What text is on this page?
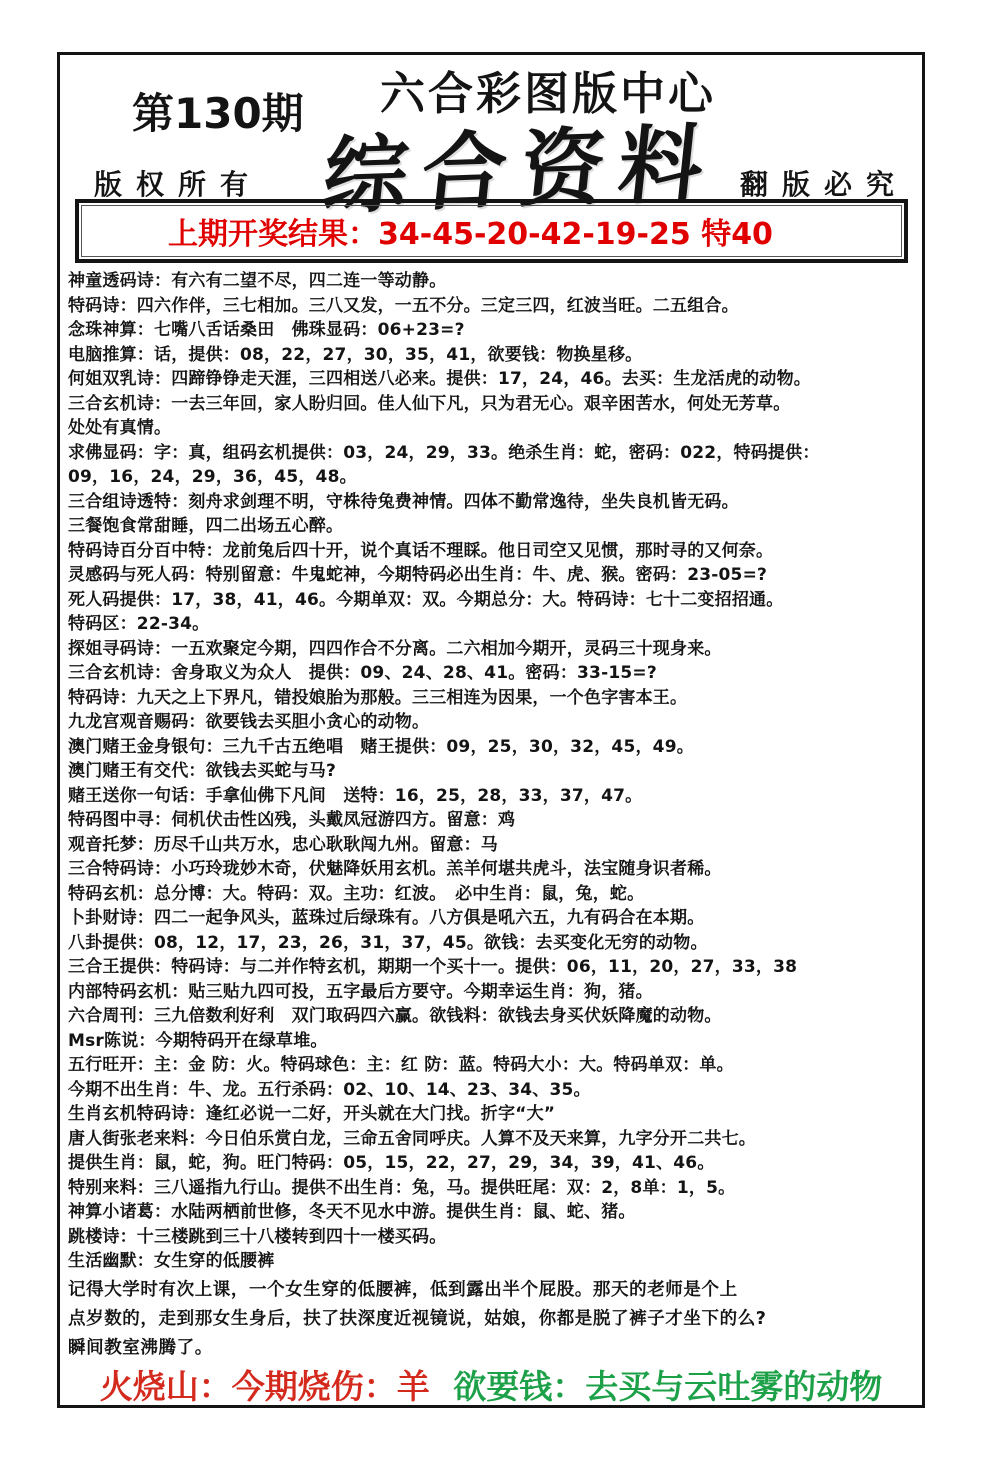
第130期 六合彩图版中心
综合资料
版权所有	翻版必究
上期开奖结果：34-45-20-42-19-25 特40
神童透码诗：有六有二望不尽，四二连一等动静。
特码诗：四六作伴，三七相加。三八又发，一五不分。三定三四，红波当旺。二五组合。
念珠神算：七嘴八舌话桑田　佛珠显码：06+23=?
电脑推算：话，提供：08，22，27，30，35，41，欲要钱：物换星移。
何姐双乳诗：四蹄铮铮走天涯，三四相送八必来。提供：17，24，46。去买：生龙活虎的动物。
三合玄机诗：一去三年回，家人盼归回。佳人仙下凡，只为君无心。艰辛困苦水，何处无芳草。
处处有真情。
求佛显码：字：真，组码玄机提供：03，24，29，33。绝杀生肖：蛇，密码：022，特码提供：
09，16，24，29，36，45，48。
三合组诗透特：刻舟求剑理不明，守株待兔费神情。四体不勤常逸待，坐失良机皆无码。
三餐饱食常甜睡，四二出场五心醉。
特码诗百分百中特：龙前兔后四十开，说个真话不理睬。他日司空又见惯，那时寻的又何奈。
灵感码与死人码：特别留意：牛鬼蛇神，今期特码必出生肖：牛、虎、猴。密码：23-05=?
死人码提供：17，38，41，46。今期单双：双。今期总分：大。特码诗：七十二变招招通。
特码区：22-34。
探姐寻码诗：一五欢聚定今期，四四作合不分离。二六相加今期开，灵码三十现身来。
三合玄机诗：舍身取义为众人　提供：09、24、28、41。密码：33-15=?
特码诗：九天之上下界凡，错投娘胎为那般。三三相连为因果，一个色字害本王。
九龙宫观音赐码：欲要钱去买胆小贪心的动物。
澳门赌王金身银句：三九千古五绝唱　赌王提供：09，25，30，32，45，49。
澳门赌王有交代：欲钱去买蛇与马?
赌王送你一句话：手拿仙佛下凡间　送特：16，25，28，33，37，47。
特码图中寻：伺机伏击性凶残，头戴凤冠游四方。留意：鸡
观音托梦：历尽千山共万水，忠心耿耿闯九州。留意：马
三合特码诗：小巧玲珑妙木奇，伏魅降妖用玄机。羔羊何堪共虎斗，法宝随身识者稀。
特码玄机：总分博：大。特码：双。主功：红波。　必中生肖：鼠，兔，蛇。
卜卦财诗：四二一起争风头，蓝珠过后绿珠有。八方俱是吼六五，九有码合在本期。
八卦提供：08，12，17，23，26，31，37，45。欲钱：去买变化无穷的动物。
三合王提供：特码诗：与二并作特玄机，期期一个买十一。提供：06，11，20，27，33，38
内部特码玄机：贴三贴九四可投，五字最后方要守。今期幸运生肖：狗，猪。
六合周刊：三九倍数利好利　双门取码四六赢。欲钱料：欲钱去身买伏妖降魔的动物。
Msr陈说：今期特码开在绿草堆。
五行旺开：主：金 防：火。特码球色：主：红 防：蓝。特码大小：大。特码单双：单。
今期不出生肖：牛、龙。五行杀码：02、10、14、23、34、35。
生肖玄机特码诗：逢红必说一二好，开头就在大门找。折字“大”
唐人街张老来料：今日伯乐赏白龙，三命五舍同呼庆。人算不及天来算，九字分开二共七。
提供生肖：鼠，蛇，狗。旺门特码：05，15，22，27，29，34，39，41、46。
特别来料：三八遥指九行山。提供不出生肖：兔，马。提供旺尾：双：2，8单：1，5。
神算小诸葛：水陆两栖前世修，冬天不见水中游。提供生肖：鼠、蛇、猪。
跳楼诗：十三楼跳到三十八楼转到四十一楼买码。
生活幽默：女生穿的低腰裤
记得大学时有次上课，一个女生穿的低腰裤，低到露出半个屁股。那天的老师是个上
点岁数的，走到那女生身后，扶了扶深度近视镜说，姑娘，你都是脱了裤子才坐下的么?
瞬间教室沸腾了。
火烧山：今期烧伤：羊 欲要钱：去买与云吐雾的动物
